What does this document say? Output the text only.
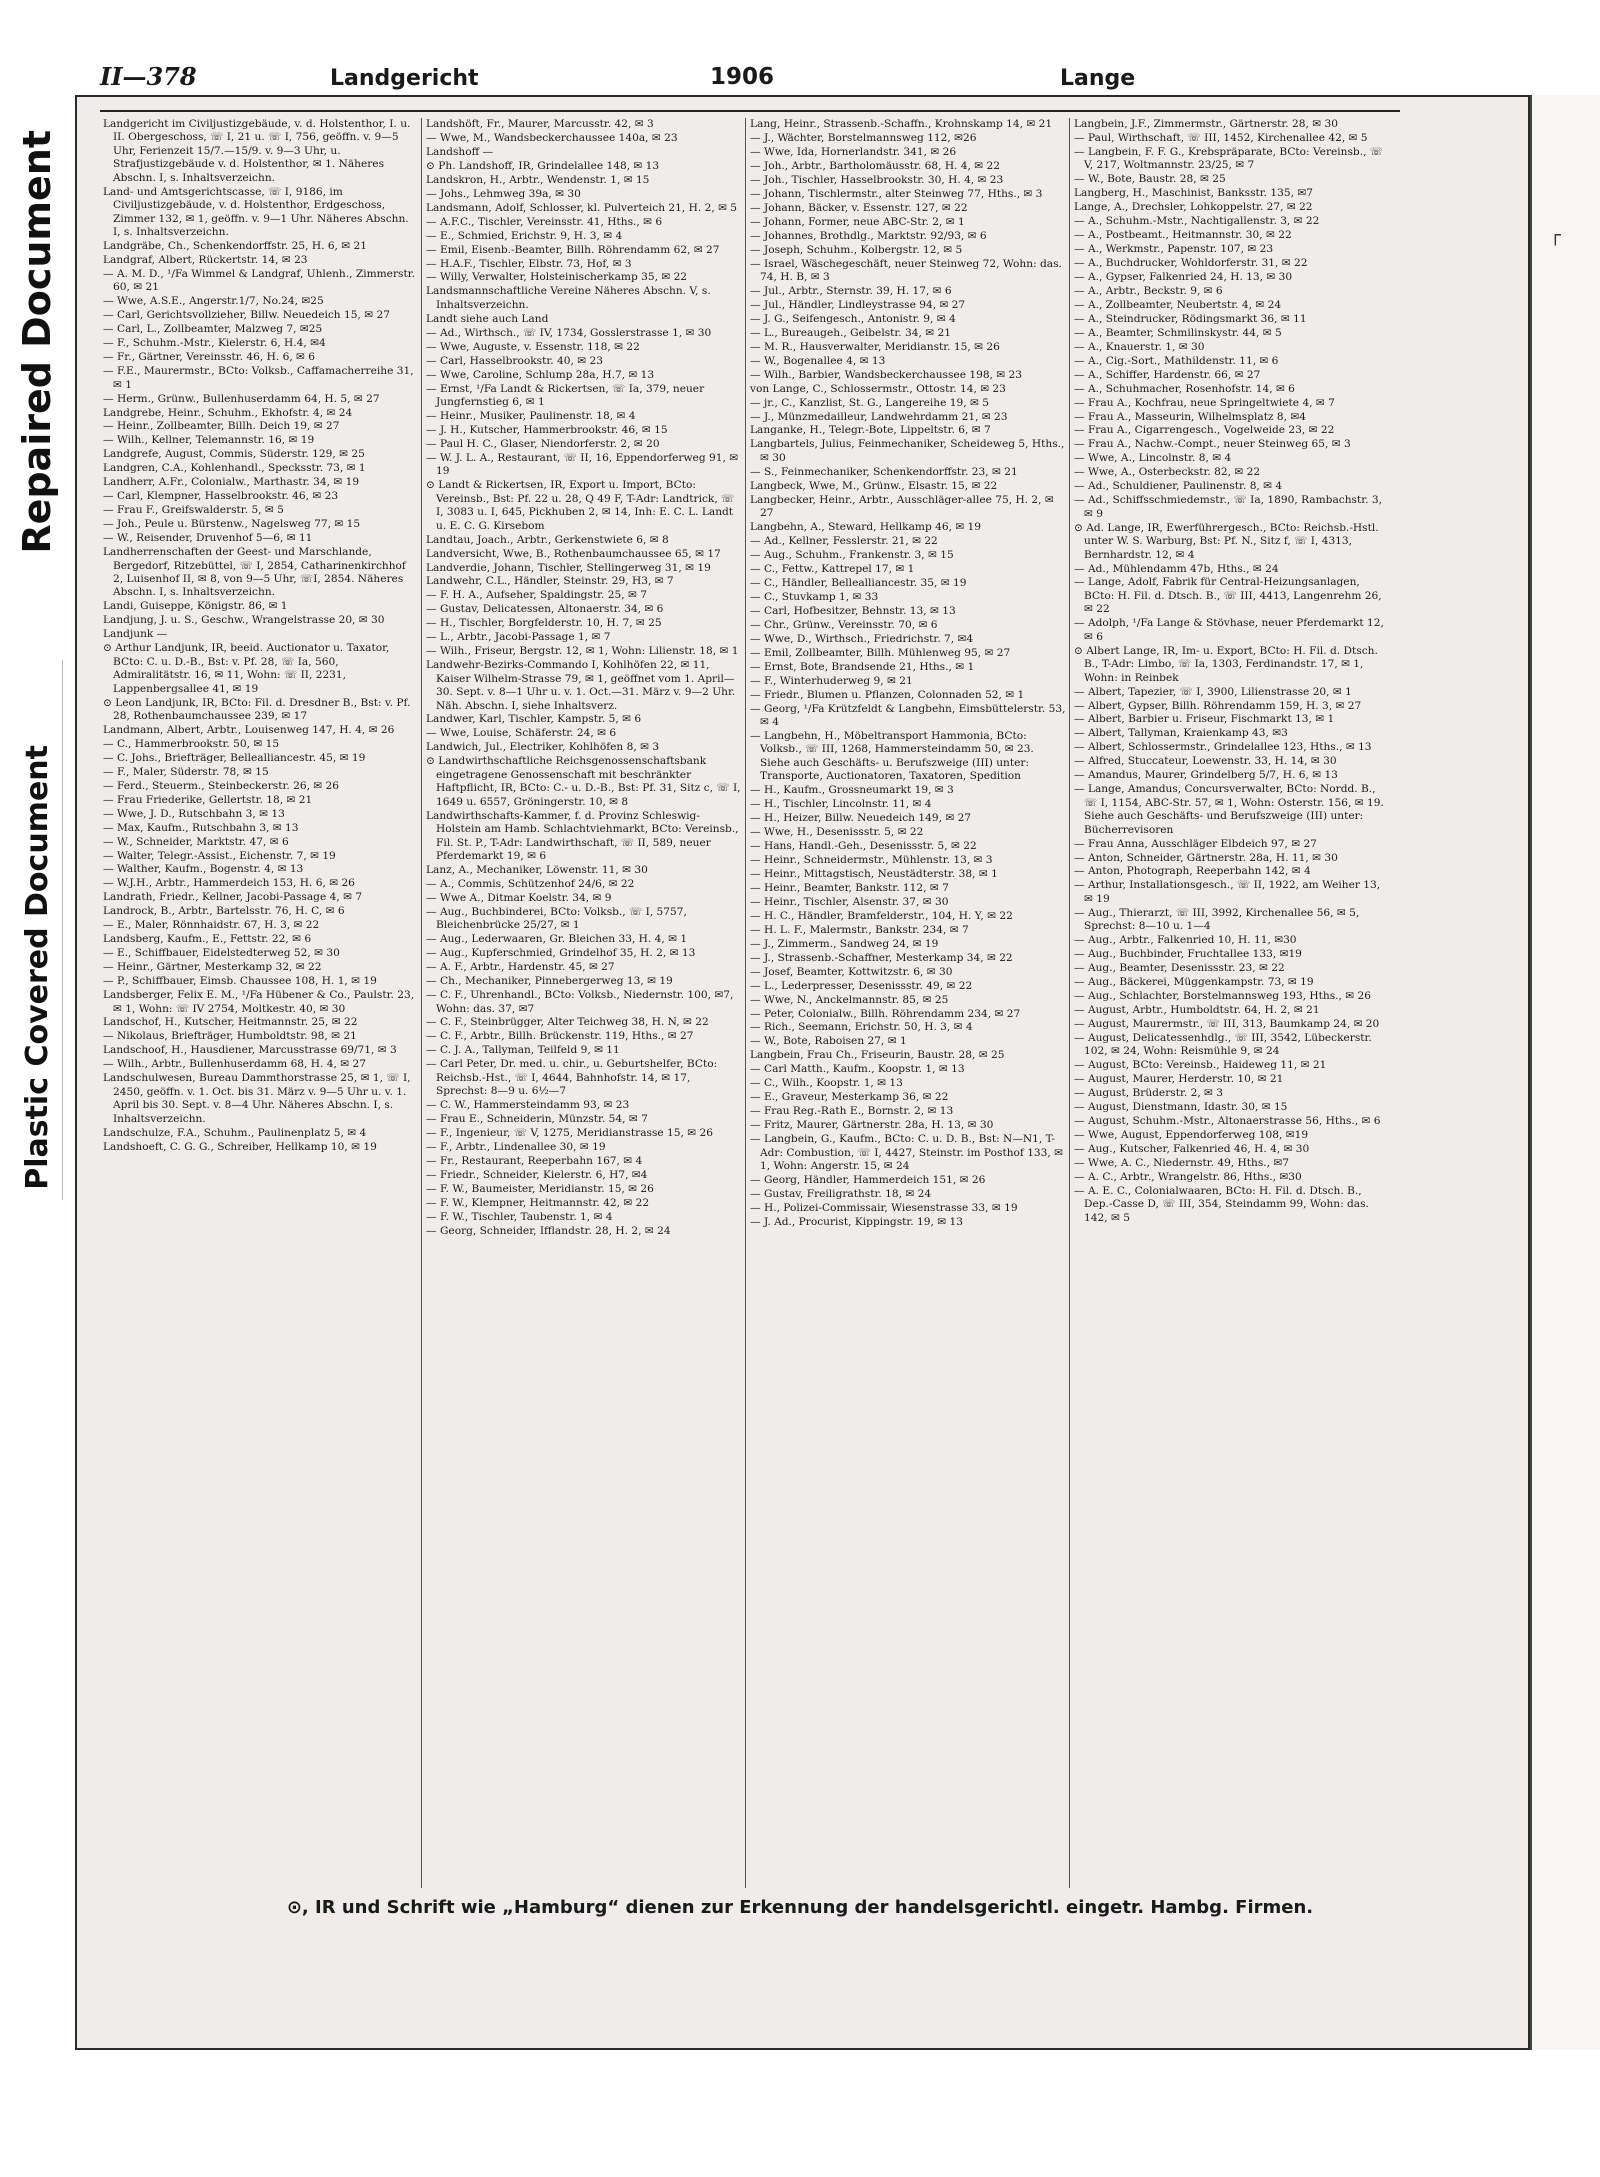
Plastic Covered Document
Repaired Document	┌
II—378	Landgericht	1906	Lange

Landgericht im Civiljustizgebäude, v. d. Holstenthor, I. u. II. Obergeschoss, ☏ I, 21 u. ☏ I, 756, geöffn. v. 9—5 Uhr, Ferienzeit 15/7.—15/9. v. 9—3 Uhr, u. Strafjustizgebäude v. d. Holstenthor, ✉ 1. Näheres Abschn. I, s. Inhaltsverzeichn.

Land- und Amtsgerichtscasse, ☏ I, 9186, im Civiljustizgebäude, v. d. Holstenthor, Erdgeschoss, Zimmer 132, ✉ 1, geöffn. v. 9—1 Uhr. Näheres Abschn. I, s. Inhaltsverzeichn.

Landgräbe, Ch., Schenkendorffstr. 25, H. 6, ✉ 21

Landgraf, Albert, Rückertstr. 14, ✉ 23

— A. M. D., ¹/Fa Wimmel & Landgraf, Uhlenh., Zimmerstr. 60, ✉ 21

— Wwe, A.S.E., Angerstr.1/7, No.24, ✉25

— Carl, Gerichtsvollzieher, Billw. Neuedeich 15, ✉ 27

— Carl, L., Zollbeamter, Malzweg 7, ✉25

— F., Schuhm.-Mstr., Kielerstr. 6, H.4, ✉4

— Fr., Gärtner, Vereinsstr. 46, H. 6, ✉ 6

— F.E., Maurermstr., BCto: Volksb., Caffamacherreihe 31, ✉ 1

— Herm., Grünw., Bullenhuserdamm 64, H. 5, ✉ 27

Landgrebe, Heinr., Schuhm., Ekhofstr. 4, ✉ 24

— Heinr., Zollbeamter, Billh. Deich 19, ✉ 27

— Wilh., Kellner, Telemannstr. 16, ✉ 19

Landgrefe, August, Commis, Süderstr. 129, ✉ 25

Landgren, C.A., Kohlenhandl., Specksstr. 73, ✉ 1

Landherr, A.Fr., Colonialw., Marthastr. 34, ✉ 19

— Carl, Klempner, Hasselbrookstr. 46, ✉ 23

— Frau F., Greifswalderstr. 5, ✉ 5

— Joh., Peule u. Bürstenw., Nagelsweg 77, ✉ 15

— W., Reisender, Druvenhof 5—6, ✉ 11

Landherrenschaften der Geest- und Marschlande, Bergedorf, Ritzebüttel, ☏ I, 2854, Catharinenkirchhof 2, Luisenhof II, ✉ 8, von 9—5 Uhr, ☏I, 2854. Näheres Abschn. I, s. Inhaltsverzeichn.

Landi, Guiseppe, Königstr. 86, ✉ 1

Landjung, J. u. S., Geschw., Wrangelstrasse 20, ✉ 30

Landjunk —

⊙ Arthur Landjunk, IR, beeid. Auctionator u. Taxator, BCto: C. u. D.-B., Bst: v. Pf. 28, ☏ Ia, 560, Admiralitätstr. 16, ✉ 11, Wohn: ☏ II, 2231, Lappenbergsallee 41, ✉ 19

⊙ Leon Landjunk, IR, BCto: Fil. d. Dresdner B., Bst: v. Pf. 28, Rothenbaumchaussee 239, ✉ 17

Landmann, Albert, Arbtr., Louisenweg 147, H. 4, ✉ 26

— C., Hammerbrookstr. 50, ✉ 15

— C. Johs., Briefträger, Bellealliancestr. 45, ✉ 19

— F., Maler, Süderstr. 78, ✉ 15

— Ferd., Steuerm., Steinbeckerstr. 26, ✉ 26

— Frau Friederike, Gellertstr. 18, ✉ 21

— Wwe, J. D., Rutschbahn 3, ✉ 13

— Max, Kaufm., Rutschbahn 3, ✉ 13

— W., Schneider, Marktstr. 47, ✉ 6

— Walter, Telegr.-Assist., Eichenstr. 7, ✉ 19

— Walther, Kaufm., Bogenstr. 4, ✉ 13

— W.J.H., Arbtr., Hammerdeich 153, H. 6, ✉ 26

Landrath, Friedr., Kellner, Jacobi-Passage 4, ✉ 7

Landrock, B., Arbtr., Bartelsstr. 76, H. C, ✉ 6

— E., Maler, Rönnhaidstr. 67, H. 3, ✉ 22

Landsberg, Kaufm., E., Fettstr. 22, ✉ 6

— E., Schiffbauer, Eidelstedterweg 52, ✉ 30

— Heinr., Gärtner, Mesterkamp 32, ✉ 22

— P., Schiffbauer, Eimsb. Chaussee 108, H. 1, ✉ 19

Landsberger, Felix E. M., ¹/Fa Hübener & Co., Paulstr. 23, ✉ 1, Wohn: ☏ IV 2754, Moltkestr. 40, ✉ 30

Landschof, H., Kutscher, Heitmannstr. 25, ✉ 22

— Nikolaus, Briefträger, Humboldtstr. 98, ✉ 21

Landschoof, H., Hausdiener, Marcusstrasse 69/71, ✉ 3

— Wilh., Arbtr., Bullenhuserdamm 68, H. 4, ✉ 27

Landschulwesen, Bureau Dammthorstrasse 25, ✉ 1, ☏ I, 2450, geöffn. v. 1. Oct. bis 31. März v. 9—5 Uhr u. v. 1. April bis 30. Sept. v. 8—4 Uhr. Näheres Abschn. I, s. Inhaltsverzeichn.

Landschulze, F.A., Schuhm., Paulinenplatz 5, ✉ 4

Landshoeft, C. G. G., Schreiber, Hellkamp 10, ✉ 19

Landshöft, Fr., Maurer, Marcusstr. 42, ✉ 3

— Wwe, M., Wandsbeckerchaussee 140a, ✉ 23

Landshoff —

⊙ Ph. Landshoff, IR, Grindelallee 148, ✉ 13

Landskron, H., Arbtr., Wendenstr. 1, ✉ 15

— Johs., Lehmweg 39a, ✉ 30

Landsmann, Adolf, Schlosser, kl. Pulverteich 21, H. 2, ✉ 5

— A.F.C., Tischler, Vereinsstr. 41, Hths., ✉ 6

— E., Schmied, Erichstr. 9, H. 3, ✉ 4

— Emil, Eisenb.-Beamter, Billh. Röhrendamm 62, ✉ 27

— H.A.F., Tischler, Elbstr. 73, Hof, ✉ 3

— Willy, Verwalter, Holsteinischerkamp 35, ✉ 22

Landsmannschaftliche Vereine Näheres Abschn. V, s. Inhaltsverzeichn.

Landt siehe auch Land

— Ad., Wirthsch., ☏ IV, 1734, Gosslerstrasse 1, ✉ 30

— Wwe, Auguste, v. Essenstr. 118, ✉ 22

— Carl, Hasselbrookstr. 40, ✉ 23

— Wwe, Caroline, Schlump 28a, H.7, ✉ 13

— Ernst, ¹/Fa Landt & Rickertsen, ☏ Ia, 379, neuer Jungfernstieg 6, ✉ 1

— Heinr., Musiker, Paulinenstr. 18, ✉ 4

— J. H., Kutscher, Hammerbrookstr. 46, ✉ 15

— Paul H. C., Glaser, Niendorferstr. 2, ✉ 20

— W. J. L. A., Restaurant, ☏ II, 16, Eppendorferweg 91, ✉ 19

⊙ Landt & Rickertsen, IR, Export u. Import, BCto: Vereinsb., Bst: Pf. 22 u. 28, Q 49 F, T-Adr: Landtrick, ☏ I, 3083 u. I, 645, Pickhuben 2, ✉ 14, Inh: E. C. L. Landt u. E. C. G. Kirsebom

Landtau, Joach., Arbtr., Gerkenstwiete 6, ✉ 8

Landversicht, Wwe, B., Rothenbaumchaussee 65, ✉ 17

Landverdie, Johann, Tischler, Stellingerweg 31, ✉ 19

Landwehr, C.L., Händler, Steinstr. 29, H3, ✉ 7

— F. H. A., Aufseher, Spaldingstr. 25, ✉ 7

— Gustav, Delicatessen, Altonaerstr. 34, ✉ 6

— H., Tischler, Borgfelderstr. 10, H. 7, ✉ 25

— L., Arbtr., Jacobi-Passage 1, ✉ 7

— Wilh., Friseur, Bergstr. 12, ✉ 1, Wohn: Lilienstr. 18, ✉ 1

Landwehr-Bezirks-Commando I, Kohlhöfen 22, ✉ 11, Kaiser Wilhelm-Strasse 79, ✉ 1, geöffnet vom 1. April—30. Sept. v. 8—1 Uhr u. v. 1. Oct.—31. März v. 9—2 Uhr. Näh. Abschn. I, siehe Inhaltsverz.

Landwer, Karl, Tischler, Kampstr. 5, ✉ 6

— Wwe, Louise, Schäferstr. 24, ✉ 6

Landwich, Jul., Electriker, Kohlhöfen 8, ✉ 3

⊙ Landwirthschaftliche Reichsgenossenschaftsbank eingetragene Genossenschaft mit beschränkter Haftpflicht, IR, BCto: C.- u. D.-B., Bst: Pf. 31, Sitz c, ☏ I, 1649 u. 6557, Gröningerstr. 10, ✉ 8

Landwirthschafts-Kammer, f. d. Provinz Schleswig-Holstein am Hamb. Schlachtviehmarkt, BCto: Vereinsb., Fil. St. P., T-Adr: Landwirthschaft, ☏ II, 589, neuer Pferdemarkt 19, ✉ 6

Lanz, A., Mechaniker, Löwenstr. 11, ✉ 30

— A., Commis, Schützenhof 24/6, ✉ 22

— Wwe A., Ditmar Koelstr. 34, ✉ 9

— Aug., Buchbinderei, BCto: Volksb., ☏ I, 5757, Bleichenbrücke 25/27, ✉ 1

— Aug., Lederwaaren, Gr. Bleichen 33, H. 4, ✉ 1

— Aug., Kupferschmied, Grindelhof 35, H. 2, ✉ 13

— A. F., Arbtr., Hardenstr. 45, ✉ 27

— Ch., Mechaniker, Pinnebergerweg 13, ✉ 19

— C. F., Uhrenhandl., BCto: Volksb., Niedernstr. 100, ✉7, Wohn: das. 37, ✉7

— C. F., Steinbrügger, Alter Teichweg 38, H. N, ✉ 22

— C. F., Arbtr., Billh. Brückenstr. 119, Hths., ✉ 27

— C. J. A., Tallyman, Teilfeld 9, ✉ 11

— Carl Peter, Dr. med. u. chir., u. Geburtshelfer, BCto: Reichsb.-Hst., ☏ I, 4644, Bahnhofstr. 14, ✉ 17, Sprechst: 8—9 u. 6½—7

— C. W., Hammersteindamm 93, ✉ 23

— Frau E., Schneiderin, Münzstr. 54, ✉ 7

— F., Ingenieur, ☏ V, 1275, Meridianstrasse 15, ✉ 26

— F., Arbtr., Lindenallee 30, ✉ 19

— Fr., Restaurant, Reeperbahn 167, ✉ 4

— Friedr., Schneider, Kielerstr. 6, H7, ✉4

— F. W., Baumeister, Meridianstr. 15, ✉ 26

— F. W., Klempner, Heitmannstr. 42, ✉ 22

— F. W., Tischler, Taubenstr. 1, ✉ 4

— Georg, Schneider, Ifflandstr. 28, H. 2, ✉ 24

Lang, Heinr., Strassenb.-Schaffn., Krohnskamp 14, ✉ 21

— J., Wächter, Borstelmannsweg 112, ✉26

— Wwe, Ida, Hornerlandstr. 341, ✉ 26

— Joh., Arbtr., Bartholomäusstr. 68, H. 4, ✉ 22

— Joh., Tischler, Hasselbrookstr. 30, H. 4, ✉ 23

— Johann, Tischlermstr., alter Steinweg 77, Hths., ✉ 3

— Johann, Bäcker, v. Essenstr. 127, ✉ 22

— Johann, Former, neue ABC-Str. 2, ✉ 1

— Johannes, Brothdlg., Marktstr. 92/93, ✉ 6

— Joseph, Schuhm., Kolbergstr. 12, ✉ 5

— Israel, Wäschegeschäft, neuer Steinweg 72, Wohn: das. 74, H. B, ✉ 3

— Jul., Arbtr., Sternstr. 39, H. 17, ✉ 6

— Jul., Händler, Lindleystrasse 94, ✉ 27

— J. G., Seifengesch., Antonistr. 9, ✉ 4

— L., Bureaugeh., Geibelstr. 34, ✉ 21

— M. R., Hausverwalter, Meridianstr. 15, ✉ 26

— W., Bogenallee 4, ✉ 13

— Wilh., Barbier, Wandsbeckerchaussee 198, ✉ 23

von Lange, C., Schlossermstr., Ottostr. 14, ✉ 23

— jr., C., Kanzlist, St. G., Langereihe 19, ✉ 5

— J., Münzmedailleur, Landwehrdamm 21, ✉ 23

Langanke, H., Telegr.-Bote, Lippeltstr. 6, ✉ 7

Langbartels, Julius, Feinmechaniker, Scheideweg 5, Hths., ✉ 30

— S., Feinmechaniker, Schenkendorffstr. 23, ✉ 21

Langbeck, Wwe, M., Grünw., Elsastr. 15, ✉ 22

Langbecker, Heinr., Arbtr., Ausschläger-allee 75, H. 2, ✉ 27

Langbehn, A., Steward, Hellkamp 46, ✉ 19

— Ad., Kellner, Fesslerstr. 21, ✉ 22

— Aug., Schuhm., Frankenstr. 3, ✉ 15

— C., Fettw., Kattrepel 17, ✉ 1

— C., Händler, Bellealliancestr. 35, ✉ 19

— C., Stuvkamp 1, ✉ 33

— Carl, Hofbesitzer, Behnstr. 13, ✉ 13

— Chr., Grünw., Vereinsstr. 70, ✉ 6

— Wwe, D., Wirthsch., Friedrichstr. 7, ✉4

— Emil, Zollbeamter, Billh. Mühlenweg 95, ✉ 27

— Ernst, Bote, Brandsende 21, Hths., ✉ 1

— F., Winterhuderweg 9, ✉ 21

— Friedr., Blumen u. Pflanzen, Colonnaden 52, ✉ 1

— Georg, ¹/Fa Krützfeldt & Langbehn, Eimsbüttelerstr. 53, ✉ 4

— Langbehn, H., Möbeltransport Hammonia, BCto: Volksb., ☏ III, 1268, Hammersteindamm 50, ✉ 23. Siehe auch Geschäfts- u. Berufszweige (III) unter: Transporte, Auctionatoren, Taxatoren, Spedition

— H., Kaufm., Grossneumarkt 19, ✉ 3

— H., Tischler, Lincolnstr. 11, ✉ 4

— H., Heizer, Billw. Neuedeich 149, ✉ 27

— Wwe, H., Desenissstr. 5, ✉ 22

— Hans, Handl.-Geh., Desenissstr. 5, ✉ 22

— Heinr., Schneidermstr., Mühlenstr. 13, ✉ 3

— Heinr., Mittagstisch, Neustädterstr. 38, ✉ 1

— Heinr., Beamter, Bankstr. 112, ✉ 7

— Heinr., Tischler, Alsenstr. 37, ✉ 30

— H. C., Händler, Bramfelderstr., 104, H. Y, ✉ 22

— H. L. F., Malermstr., Bankstr. 234, ✉ 7

— J., Zimmerm., Sandweg 24, ✉ 19

— J., Strassenb.-Schaffner, Mesterkamp 34, ✉ 22

— Josef, Beamter, Kottwitzstr. 6, ✉ 30

— L., Lederpresser, Desenissstr. 49, ✉ 22

— Wwe, N., Anckelmannstr. 85, ✉ 25

— Peter, Colonialw., Billh. Röhrendamm 234, ✉ 27

— Rich., Seemann, Erichstr. 50, H. 3, ✉ 4

— W., Bote, Raboisen 27, ✉ 1

Langbein, Frau Ch., Friseurin, Baustr. 28, ✉ 25

— Carl Matth., Kaufm., Koopstr. 1, ✉ 13

— C., Wilh., Koopstr. 1, ✉ 13

— E., Graveur, Mesterkamp 36, ✉ 22

— Frau Reg.-Rath E., Bornstr. 2, ✉ 13

— Fritz, Maurer, Gärtnerstr. 28a, H. 13, ✉ 30

— Langbein, G., Kaufm., BCto: C. u. D. B., Bst: N—N1, T-Adr: Combustion, ☏ I, 4427, Steinstr. im Posthof 133, ✉ 1, Wohn: Angerstr. 15, ✉ 24

— Georg, Händler, Hammerdeich 151, ✉ 26

— Gustav, Freiligrathstr. 18, ✉ 24

— H., Polizei-Commissair, Wiesenstrasse 33, ✉ 19

— J. Ad., Procurist, Kippingstr. 19, ✉ 13

Langbein, J.F., Zimmermstr., Gärtnerstr. 28, ✉ 30

— Paul, Wirthschaft, ☏ III, 1452, Kirchenallee 42, ✉ 5

— Langbein, F. F. G., Krebspräparate, BCto: Vereinsb., ☏ V, 217, Woltmannstr. 23/25, ✉ 7

— W., Bote, Baustr. 28, ✉ 25

Langberg, H., Maschinist, Banksstr. 135, ✉7

Lange, A., Drechsler, Lohkoppelstr. 27, ✉ 22

— A., Schuhm.-Mstr., Nachtigallenstr. 3, ✉ 22

— A., Postbeamt., Heitmannstr. 30, ✉ 22

— A., Werkmstr., Papenstr. 107, ✉ 23

— A., Buchdrucker, Wohldorferstr. 31, ✉ 22

— A., Gypser, Falkenried 24, H. 13, ✉ 30

— A., Arbtr., Beckstr. 9, ✉ 6

— A., Zollbeamter, Neubertstr. 4, ✉ 24

— A., Steindrucker, Rödingsmarkt 36, ✉ 11

— A., Beamter, Schmilinskystr. 44, ✉ 5

— A., Knauerstr. 1, ✉ 30

— A., Cig.-Sort., Mathildenstr. 11, ✉ 6

— A., Schiffer, Hardenstr. 66, ✉ 27

— A., Schuhmacher, Rosenhofstr. 14, ✉ 6

— Frau A., Kochfrau, neue Springeltwiete 4, ✉ 7

— Frau A., Masseurin, Wilhelmsplatz 8, ✉4

— Frau A., Cigarrengesch., Vogelweide 23, ✉ 22

— Frau A., Nachw.-Compt., neuer Steinweg 65, ✉ 3

— Wwe, A., Lincolnstr. 8, ✉ 4

— Wwe, A., Osterbeckstr. 82, ✉ 22

— Ad., Schuldiener, Paulinenstr. 8, ✉ 4

— Ad., Schiffsschmiedemstr., ☏ Ia, 1890, Rambachstr. 3, ✉ 9

⊙ Ad. Lange, IR, Ewerführergesch., BCto: Reichsb.-Hstl. unter W. S. Warburg, Bst: Pf. N., Sitz f, ☏ I, 4313, Bernhardstr. 12, ✉ 4

— Ad., Mühlendamm 47b, Hths., ✉ 24

— Lange, Adolf, Fabrik für Central-Heizungsanlagen, BCto: H. Fil. d. Dtsch. B., ☏ III, 4413, Langenrehm 26, ✉ 22

— Adolph, ¹/Fa Lange & Stövhase, neuer Pferdemarkt 12, ✉ 6

⊙ Albert Lange, IR, Im- u. Export, BCto: H. Fil. d. Dtsch. B., T-Adr: Limbo, ☏ Ia, 1303, Ferdinandstr. 17, ✉ 1, Wohn: in Reinbek

— Albert, Tapezier, ☏ I, 3900, Lilienstrasse 20, ✉ 1

— Albert, Gypser, Billh. Röhrendamm 159, H. 3, ✉ 27

— Albert, Barbier u. Friseur, Fischmarkt 13, ✉ 1

— Albert, Tallyman, Kraienkamp 43, ✉3

— Albert, Schlossermstr., Grindelallee 123, Hths., ✉ 13

— Alfred, Stuccateur, Loewenstr. 33, H. 14, ✉ 30

— Amandus, Maurer, Grindelberg 5/7, H. 6, ✉ 13

— Lange, Amandus, Concursverwalter, BCto: Nordd. B., ☏ I, 1154, ABC-Str. 57, ✉ 1, Wohn: Osterstr. 156, ✉ 19. Siehe auch Geschäfts- und Berufszweige (III) unter: Bücherrevisoren

— Frau Anna, Ausschläger Elbdeich 97, ✉ 27

— Anton, Schneider, Gärtnerstr. 28a, H. 11, ✉ 30

— Anton, Photograph, Reeperbahn 142, ✉ 4

— Arthur, Installationsgesch., ☏ II, 1922, am Weiher 13, ✉ 19

— Aug., Thierarzt, ☏ III, 3992, Kirchenallee 56, ✉ 5, Sprechst: 8—10 u. 1—4

— Aug., Arbtr., Falkenried 10, H. 11, ✉30

— Aug., Buchbinder, Fruchtallee 133, ✉19

— Aug., Beamter, Desenissstr. 23, ✉ 22

— Aug., Bäckerei, Müggenkampstr. 73, ✉ 19

— Aug., Schlachter, Borstelmannsweg 193, Hths., ✉ 26

— August, Arbtr., Humboldtstr. 64, H. 2, ✉ 21

— August, Maurermstr., ☏ III, 313, Baumkamp 24, ✉ 20

— August, Delicatessenhdlg., ☏ III, 3542, Lübeckerstr. 102, ✉ 24, Wohn: Reismühle 9, ✉ 24

— August, BCto: Vereinsb., Haideweg 11, ✉ 21

— August, Maurer, Herderstr. 10, ✉ 21

— August, Brüderstr. 2, ✉ 3

— August, Dienstmann, Idastr. 30, ✉ 15

— August, Schuhm.-Mstr., Altonaerstrasse 56, Hths., ✉ 6

— Wwe, August, Eppendorferweg 108, ✉19

— Aug., Kutscher, Falkenried 46, H. 4, ✉ 30

— Wwe, A. C., Niedernstr. 49, Hths., ✉7

— A. C., Arbtr., Wrangelstr. 86, Hths., ✉30

— A. E. C., Colonialwaaren, BCto: H. Fil. d. Dtsch. B., Dep.-Casse D, ☏ III, 354, Steindamm 99, Wohn: das. 142, ✉ 5

⊙, IR und Schrift wie „Hamburg“ dienen zur Erkennung der handelsgerichtl. eingetr. Hambg. Firmen.
